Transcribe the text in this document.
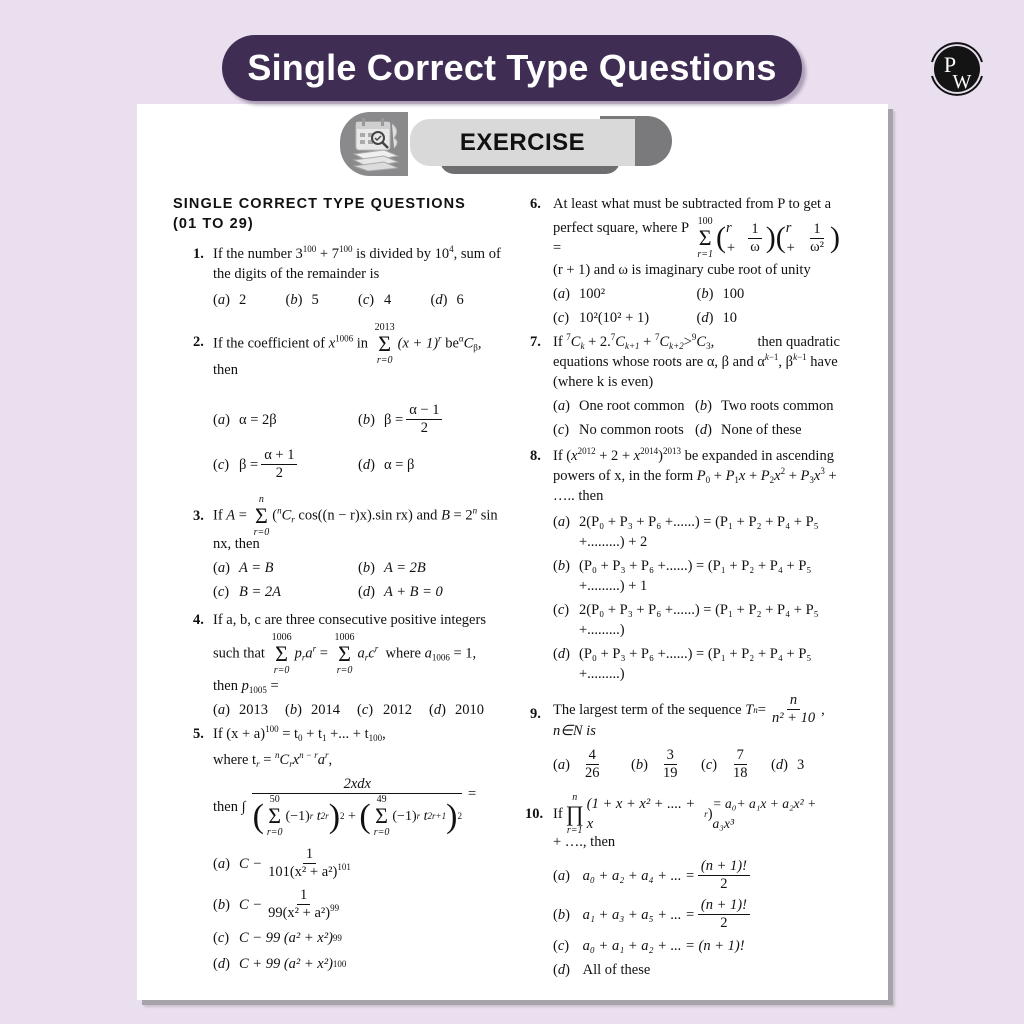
Single Correct Type Questions	P
W
EXERCISE
SINGLE CORRECT TYPE QUESTIONS
(01 TO 29)
1. If the number $3^{100} + 7^{100}$ is divided by $10^4$, sum of the digits of the remainder is
( a ) 2	( b ) 5	( c )	4	( d ) 6
2. If the coefficient of $x^{1006}$ in
2013
Σ
r=0
$(x + 1)^r$ $be^\alpha C_\beta$,
then
( a ) α = 2β	( b ) $\beta = \frac{\alpha - 1}{2}$
( c )	$\beta = \frac{\alpha + 1}{2}$	( d ) α = β
3. If A =
n
Σ
r=0
($^nC_r$ cos((n − r)x).sin rx) and $B = 2^n$ sin
nx, then
( a ) A = B	( b ) A = 2B
( c )	B = 2A	( d ) A + B = 0
4. If a, b, c are three consecutive positive integers
such that
1006
Σ
r=0
$p_ra^r$ =
1006
Σ
r=0
$a_rc^r$ where $a_{1006} = 1$,
then $p_{1005}$ =
( a ) 2013	( b ) 2014	( c )	2012	( d ) 2010
5. If $(x + a)^{100} = t_0 + t_1$ +... + $t_{100}$,
where $t_r = ^nC_rx^{n - r}a^r$,
then ∫
2xdx
( 50
Σ
r=0
(−1) r
t 2r ) 2 + ( 49
Σ
r=0
(−1) r
t 2r+1 ) 2
=
( a ) $C - \frac{1}{101(x^2 + a^2)^{101}}$
( b ) $C - \frac{1}{99(x^2 + a^2)^{99}}$
( c )	C − 99 (a² + x²) 99
( d ) C + 99 (a² + x²) 100
6. At least what must be subtracted from P to get a
perfect square, where P =
100
Σ
r=1
( $r + \frac{1}{\omega}$ ) ( $r + \frac{1}{\text{ω²}}$ )
(r + 1) and ω is imaginary cube root of unity
( a ) 100²	( b ) 100
( c )	10²(10² + 1)	( d ) 10
7. If $^7C_k + 2.^7C_{k+1} + ^7C_{k+2}>^9C_3$,	then quadratic
equations whose roots are α, β and $\alpha^{k-1}$, $\beta^{k-1}$ have
(where k is even)
( a ) One root common	( b ) Two roots common
( c )	No common roots	( d ) None of these
8. If $(x^{2012} + 2 + x^{2014})^{2013}$ be expanded in ascending
powers of x, in the form $P_0 + P_1x + P_2x^2 + P_3x^3$ +
….. then
( a ) 2(P₀ + P₃ + P₆ +......) = (P₁ + P₂ + P₄ + P₅
+.........) + 2
( b ) (P₀ + P₃ + P₆ +......) = (P₁ + P₂ + P₄ + P₅
+.........) + 1
( c )	2(P₀ + P₃ + P₆ +......) = (P₁ + P₂ + P₄ + P₅
+.........)
( d ) (P₀ + P₃ + P₆ +......) = (P₁ + P₂ + P₄ + P₅
+.........)
9. The largest term of the sequence
T $n = \frac{n}{\text{n² + 10}}$ ,
n∈N is
( a )	$\frac{4}{26}$	( b )	$\frac{3}{19}$	( c )	$\frac{7}{18}$	( d ) 3
10. If
n
∏
r=1
(1 + x + x² + .... + x
r )
= a₀+ a₁x + a₂x² + a₃x³
+ …., then
( a )
	a₀ + a₂ + a₄ + ... = $\frac{(n + 1)!}{2}$
( b )
	a₁ + a₃ + a₅ + ... = $\frac{(n + 1)!}{2}$
( c )
	a₀ + a₁ + a₂ + ... = (n + 1)!
( d )
	All of these
